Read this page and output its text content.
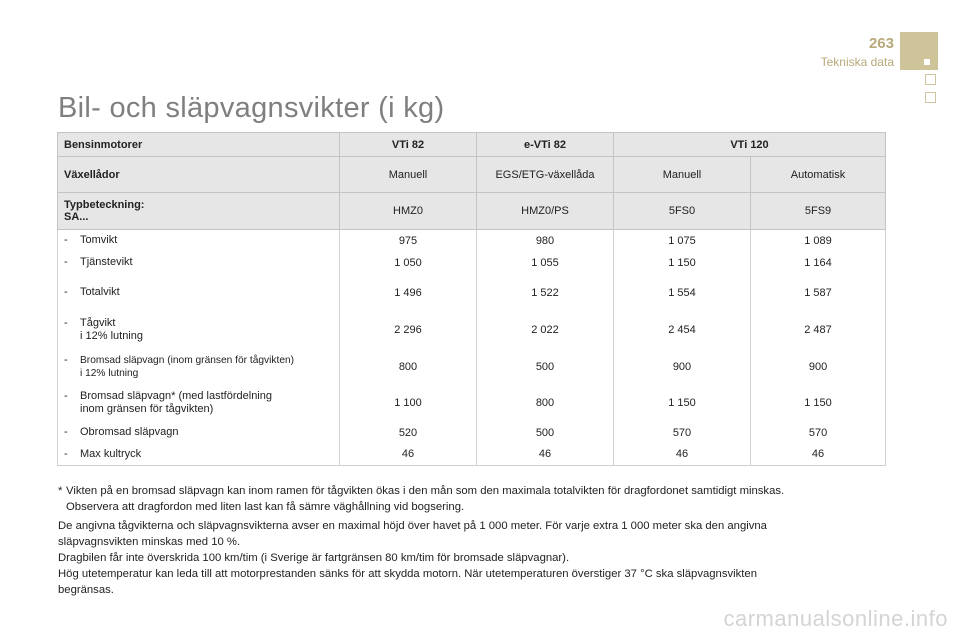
263
Tekniska data
Bil- och släpvagnsvikter (i kg)
Bensinmotorer	VTi 82	e-VTi 82	VTi 120	
Växellådor	Manuell	EGS/ETG-växellåda	Manuell	Automatisk

Typbeteckning:
SA...	HMZ0	HMZ0/PS	5FS0	5FS9

- Tomvikt	975	980	1 075	1 089

- Tjänstevikt	1 050	1 055	1 150	1 164

- Totalvikt	1 496	1 522	1 554	1 587

- Tågvikt
i 12% lutning	2 296	2 022	2 454	2 487

- Bromsad släpvagn (inom gränsen för tågvikten)
i 12% lutning	800	500	900	900

- Bromsad släpvagn* (med lastfördelning
inom gränsen för tågvikten)	1 100	800	1 150	1 150

- Obromsad släpvagn	520	500	570	570

- Max kultryck	46	46	46	46
* Vikten på en bromsad släpvagn kan inom ramen för tågvikten ökas i den mån som den maximala totalvikten för dragfordonet samtidigt minskas.
Observera att dragfordon med liten last kan få sämre väghållning vid bogsering.
De angivna tågvikterna och släpvagnsvikterna avser en maximal höjd över havet på 1 000 meter. För varje extra 1 000 meter ska den angivna
släpvagnsvikten minskas med 10 %.
Dragbilen får inte överskrida 100 km/tim (i Sverige är fartgränsen 80 km/tim för bromsade släpvagnar).
Hög utetemperatur kan leda till att motorprestanden sänks för att skydda motorn. När utetemperaturen överstiger 37 °C ska släpvagnsvikten
begränsas.
carmanualsonline.info
